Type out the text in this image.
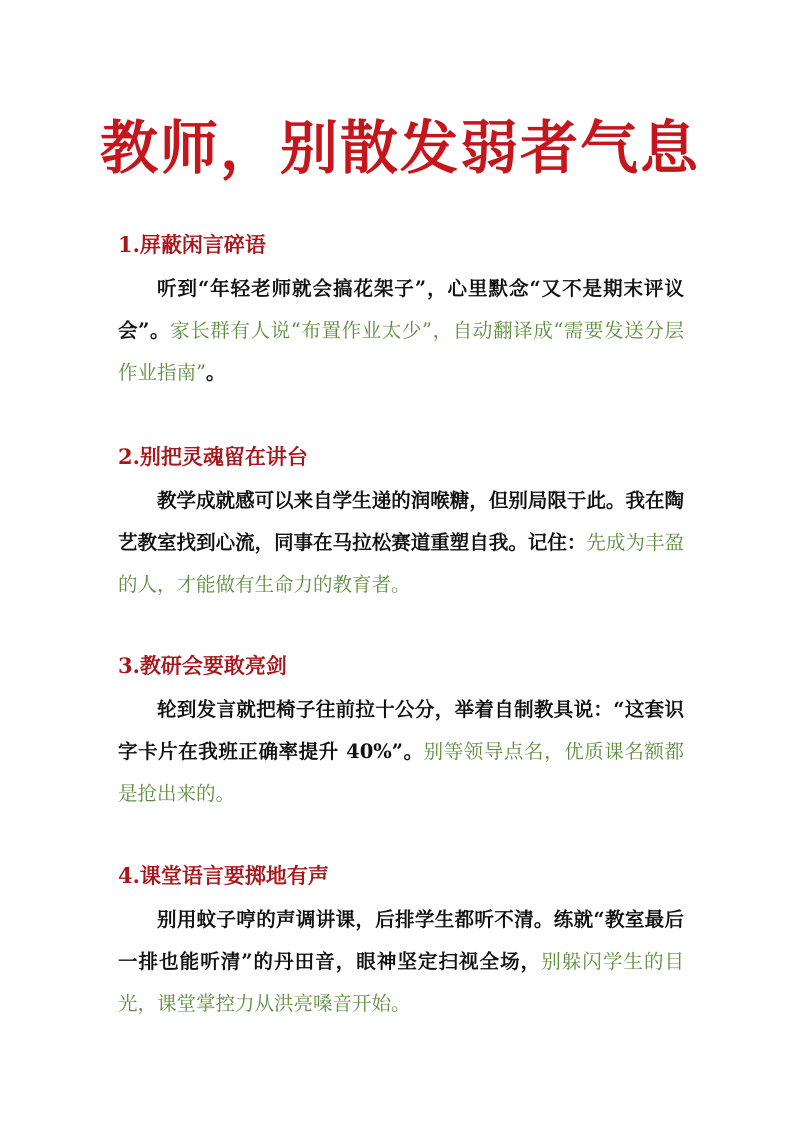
教师，别散发弱者气息
1.屏蔽闲言碎语

听到“年轻老师就会搞花架子”，心里默念“又不是期末评议会”。家长群有人说“布置作业太少”，自动翻译成“需要发送分层作业指南”。

2.别把灵魂留在讲台

教学成就感可以来自学生递的润喉糖，但别局限于此。我在陶艺教室找到心流，同事在马拉松赛道重塑自我。记住：先成为丰盈的人，才能做有生命力的教育者。

3.教研会要敢亮剑

轮到发言就把椅子往前拉十公分，举着自制教具说：“这套识字卡片在我班正确率提升 40%”。别等领导点名，优质课名额都是抢出来的。

4.课堂语言要掷地有声

别用蚊子哼的声调讲课，后排学生都听不清。练就“教室最后一排也能听清”的丹田音，眼神坚定扫视全场，别躲闪学生的目光，课堂掌控力从洪亮嗓音开始。
